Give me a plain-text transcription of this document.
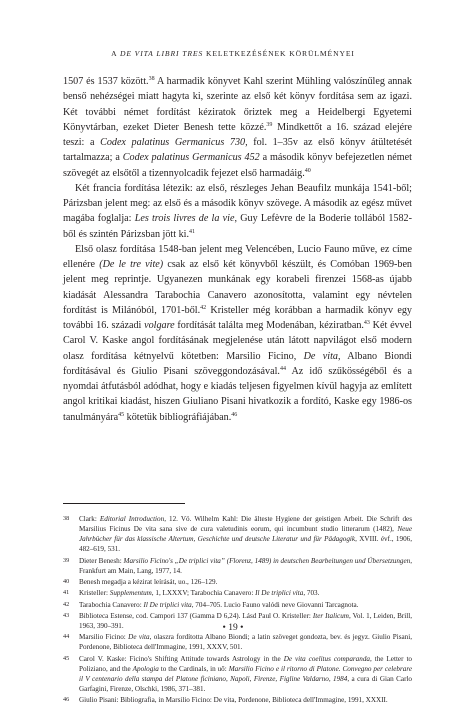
A DE VITA LIBRI TRES KELETKEZÉSÉNEK KÖRÜLMÉNYEI

1507 és 1537 között.$^{38}$ A harmadik könyvet Kahl szerint Mühling valószínűleg annak benső nehézségei miatt hagyta ki, szerinte az első két könyv fordítása sem az igazi. Két további német fordítást kéziratok őriztek meg a Heidelbergi Egyetemi Könyvtárban, ezeket Dieter Benesh tette közzé.$^{39}$ Mindkettőt a 16. század elejére teszi: a Codex palatinus Germanicus 730, fol. 1–35v az első könyv átültetését tartalmazza; a Codex palatinus Germanicus 452 a második könyv befejezetlen német szövegét az elsőtől a tizennyolcadik fejezet első harmadáig.$^{40}$

Két francia fordítása létezik: az első, részleges Jehan Beaufilz munkája 1541-ből; Párizsban jelent meg: az első és a második könyv szövege. A második az egész művet magába foglalja: Les trois livres de la vie, Guy Lefèvre de la Boderie tollából 1582-ből és szintén Párizsban jött ki.$^{41}$

Első olasz fordítása 1548-ban jelent meg Velencében, Lucio Fauno műve, ez címe ellenére (De le tre vite) csak az első két könyvből készült, és Comóban 1969-ben jelent meg reprintje. Ugyanezen munkának egy korabeli firenzei 1568-as újabb kiadását Alessandra Tarabochia Canavero azonosította, valamint egy névtelen fordítást is Milánóból, 1701-ből.$^{42}$ Kristeller még korábban a harmadik könyv egy további 16. századi volgare fordítását találta meg Modenában, kéziratban.$^{43}$ Két évvel Carol V. Kaske angol fordításának megjelenése után látott napvilágot első modern olasz fordítása kétnyelvű kötetben: Marsilio Ficino, De vita, Albano Biondi fordításával és Giulio Pisani szöveggondozásával.$^{44}$ Az idő szűkösségéből és a nyomdai átfutásból adódhat, hogy e kiadás teljesen figyelmen kívül hagyja az említett angol kritikai kiadást, hiszen Giuliano Pisani hivatkozik a fordító, Kaske egy 1986-os tanulmányára$^{45}$ kötetük bibliográfiájában.$^{46}$

38 Clark: Editorial Introduction, 12. Vö. Wilhelm Kahl: Die älteste Hygiene der geistigen Arbeit. Die Schrift des Marsilius Ficinus De vita sana sive de cura valetudinis eorum, qui incumbunt studio litterarum (1482), Neue Jahrbücher für das klassische Altertum, Geschichte und deutsche Literatur und für Pädagogik, XVIII. évf., 1906, 482–619, 531.
39 Dieter Benesh: Marsilio Ficino's „De triplici vita” (Florenz, 1489) in deutschen Bearbeitungen und Übersetzungen, Frankfurt am Main, Lang, 1977, 14.
40 Benesh megadja a kézirat leírását, uo., 126–129.
41 Kristeller: Supplementum, 1, LXXXV; Tarabochia Canavero: Il De triplici vita, 703.
42 Tarabochia Canavero: Il De triplici vita, 704–705. Lucio Fauno valódi neve Giovanni Tarcagnota.
43 Biblioteca Estense, cod. Campori 137 (Gamma D 6,24). Lásd Paul O. Kristeller: Iter Italicum, Vol. 1, Leiden, Brill, 1963, 390–391.
44 Marsilio Ficino: De vita, olaszra fordította Albano Biondi; a latin szöveget gondozta, bev. és jegyz. Giulio Pisani, Pordenone, Biblioteca dell'Immagine, 1991, XXXV, 501.
45 Carol V. Kaske: Ficino's Shifting Attitude towards Astrology in the De vita coelitus comparanda, the Letter to Poliziano, and the Apologia to the Cardinals, in uő: Marsilio Ficino e il ritorno di Platone. Convegno per celebrare il V centenario della stampa del Platone ficiniano, Napoli, Firenze, Figline Valdarno, 1984, a cura di Gian Carlo Garfagini, Firenze, Olschki, 1986, 371–381.
46 Giulio Pisani: Bibliografia, in Marsilio Ficino: De vita, Pordenone, Biblioteca dell'Immagine, 1991, XXXII.
• 19 •
